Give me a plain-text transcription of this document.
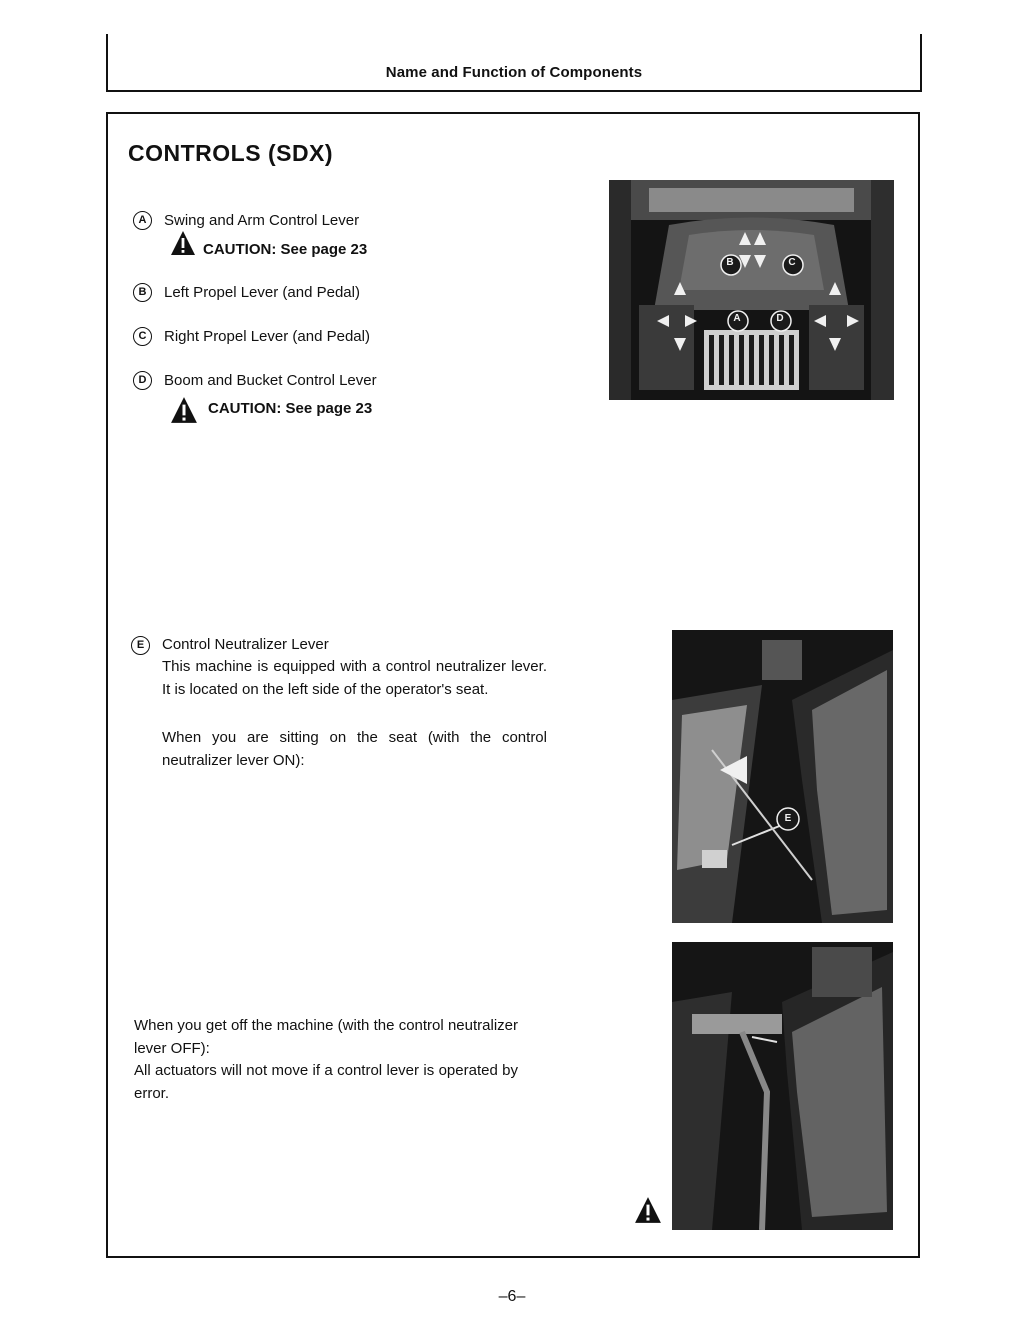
Name and Function of Components
CONTROLS (SDX)
A	Swing and Arm Control Lever
CAUTION: See page 23
B	Left Propel Lever (and Pedal)
C	Right Propel Lever (and Pedal)
D	Boom and Bucket Control Lever
CAUTION: See page 23
B	C
A	D
E	Control Neutralizer Lever
This machine is equipped with a control neutralizer lever. It is located on the left side of the operator's seat.
When you are sitting on the seat (with the control neutralizer lever ON):
E
When you get off the machine (with the control neutralizer lever OFF):
All actuators will not move if a control lever is operated by error.
–6–
